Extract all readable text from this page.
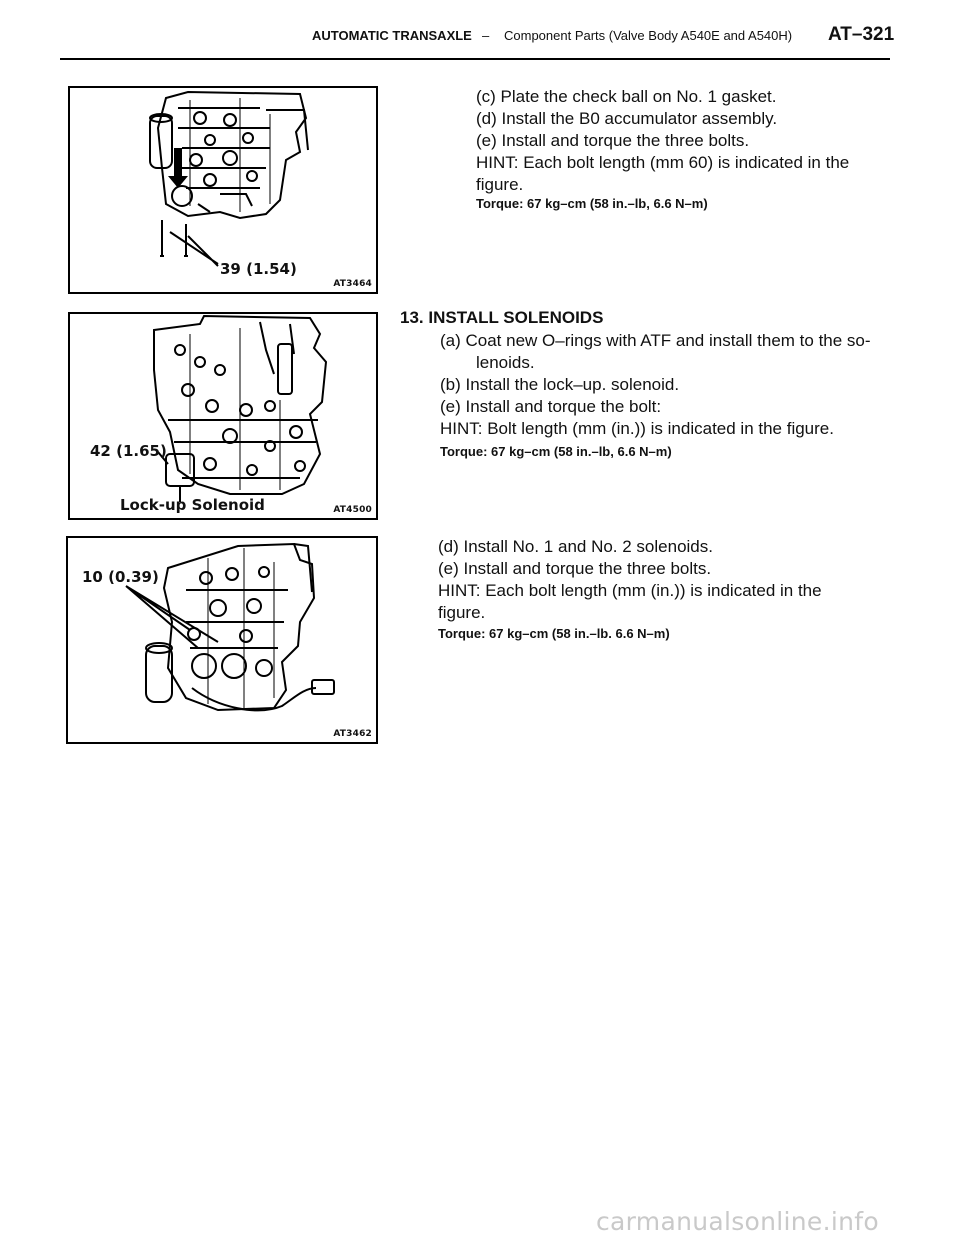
AUTOMATIC TRANSAXLE – Component Parts (Valve Body A540E and A540H) AT–321
39 (1.54)
AT3464
(c) Plate the check ball on No. 1 gasket.
(d) Install the B0 accumulator assembly.
(e) Install and torque the three bolts.
HINT: Each bolt length (mm 60) is indicated in the
figure.
Torque: 67 kg–cm (58 in.–lb, 6.6 N–m)
42 (1.65)
Lock-up Solenoid	AT4500
13. INSTALL SOLENOIDS
(a) Coat new O–rings with ATF and install them to the so-
lenoids.
(b) Install the lock–up. solenoid.
(e) Install and torque the bolt:
HINT: Bolt length (mm (in.)) is indicated in the figure.
Torque: 67 kg–cm (58 in.–lb, 6.6 N–m)
10 (0.39)
AT3462
(d) Install No. 1 and No. 2 solenoids.
(e) Install and torque the three bolts.
HINT: Each bolt length (mm (in.)) is indicated in the
figure.
Torque: 67 kg–cm (58 in.–lb. 6.6 N–m)
carmanualsonline.info
